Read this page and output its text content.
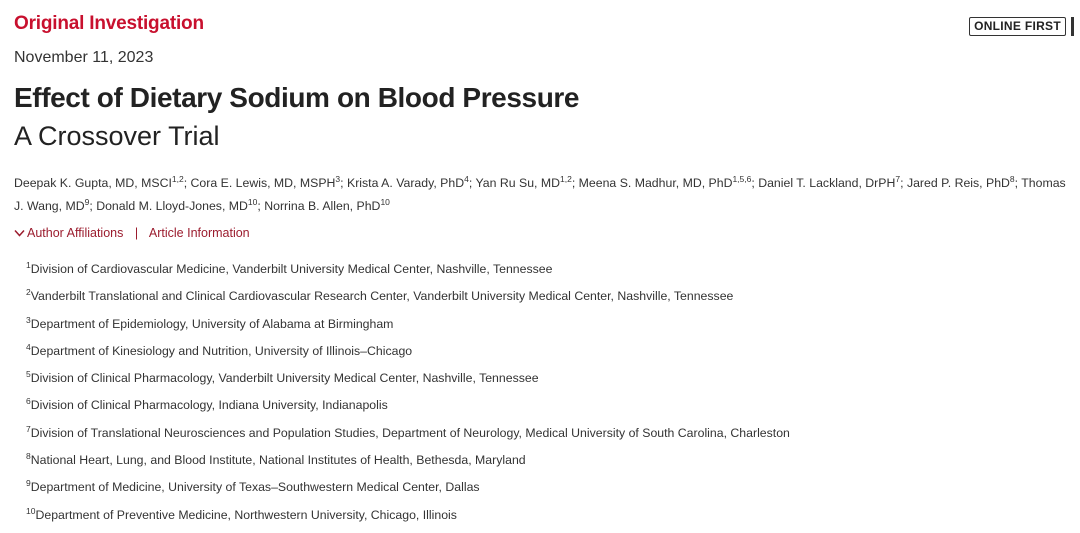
Original Investigation	ONLINE FIRST
November 11, 2023
Effect of Dietary Sodium on Blood Pressure
A Crossover Trial
Deepak K. Gupta, MD, MSCI$^{1,2}$; Cora E. Lewis, MD, MSPH$^3$; Krista A. Varady, PhD$^4$; Yan Ru Su, MD$^{1,2}$; Meena S. Madhur, MD, PhD$^{1,5,6}$; Daniel T. Lackland, DrPH$^7$; Jared P. Reis, PhD$^8$; Thomas J. Wang, $MD^9$; Donald M. Lloyd-Jones, MD$^{10}$; Norrina B. Allen, PhD$^{10}$
Author Affiliations | Article Information
$^1$Division of Cardiovascular Medicine, Vanderbilt University Medical Center, Nashville, Tennessee
$^2$Vanderbilt Translational and Clinical Cardiovascular Research Center, Vanderbilt University Medical Center, Nashville, Tennessee
$^3$Department of Epidemiology, University of Alabama at Birmingham
$^4$Department of Kinesiology and Nutrition, University of Illinois–Chicago
$^5$Division of Clinical Pharmacology, Vanderbilt University Medical Center, Nashville, Tennessee
$^6$Division of Clinical Pharmacology, Indiana University, Indianapolis
$^7$Division of Translational Neurosciences and Population Studies, Department of Neurology, Medical University of South Carolina, Charleston
$^8$National Heart, Lung, and Blood Institute, National Institutes of Health, Bethesda, Maryland
$^9$Department of Medicine, University of Texas–Southwestern Medical Center, Dallas
$^{10}$Department of Preventive Medicine, Northwestern University, Chicago, Illinois
